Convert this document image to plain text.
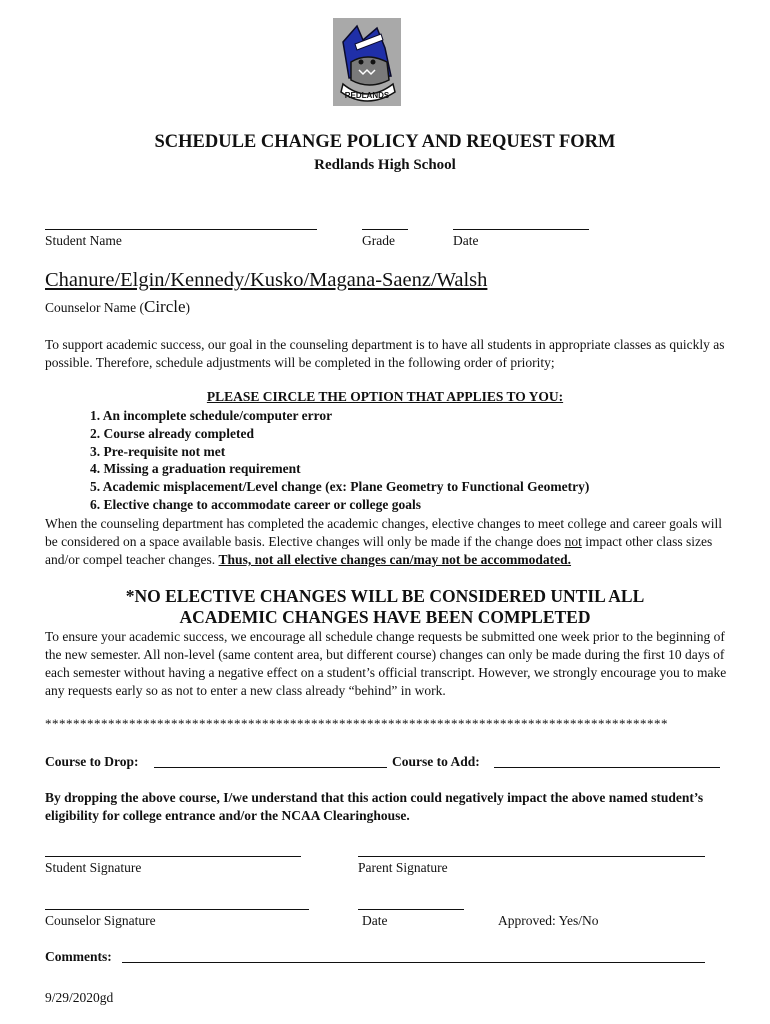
REDLANDS
SCHEDULE CHANGE POLICY AND REQUEST FORM
Redlands High School
Student Name	Grade	Date
Chanure/Elgin/Kennedy/Kusko/Magana-Saenz/Walsh
Counselor Name (Circle)
To support academic success, our goal in the counseling department is to have all students in appropriate classes as quickly as possible. Therefore, schedule adjustments will be completed in the following order of priority;
PLEASE CIRCLE THE OPTION THAT APPLIES TO YOU:
1. An incomplete schedule/computer error
2. Course already completed
3. Pre-requisite not met
4. Missing a graduation requirement
5. Academic misplacement/Level change (ex: Plane Geometry to Functional Geometry)
6. Elective change to accommodate career or college goals
When the counseling department has completed the academic changes, elective changes to meet college and career goals will be considered on a space available basis. Elective changes will only be made if the change does not impact other class sizes and/or compel teacher changes. Thus, not all elective changes can/may not be accommodated.
*NO ELECTIVE CHANGES WILL BE CONSIDERED UNTIL ALL
ACADEMIC CHANGES HAVE BEEN COMPLETED
To ensure your academic success, we encourage all schedule change requests be submitted one week prior to the beginning of the new semester. All non-level (same content area, but different course) changes can only be made during the first 10 days of each semester without having a negative effect on a student’s official transcript. However, we strongly encourage you to make any requests early so as not to enter a new class already “behind” in work.
*****************************************************************************************
Course to Drop:	Course to Add:
By dropping the above course, I/we understand that this action could negatively impact the above named student’s eligibility for college entrance and/or the NCAA Clearinghouse.
Student Signature	Parent Signature
Counselor Signature	Date	Approved: Yes/No
Comments:
9/29/2020gd
